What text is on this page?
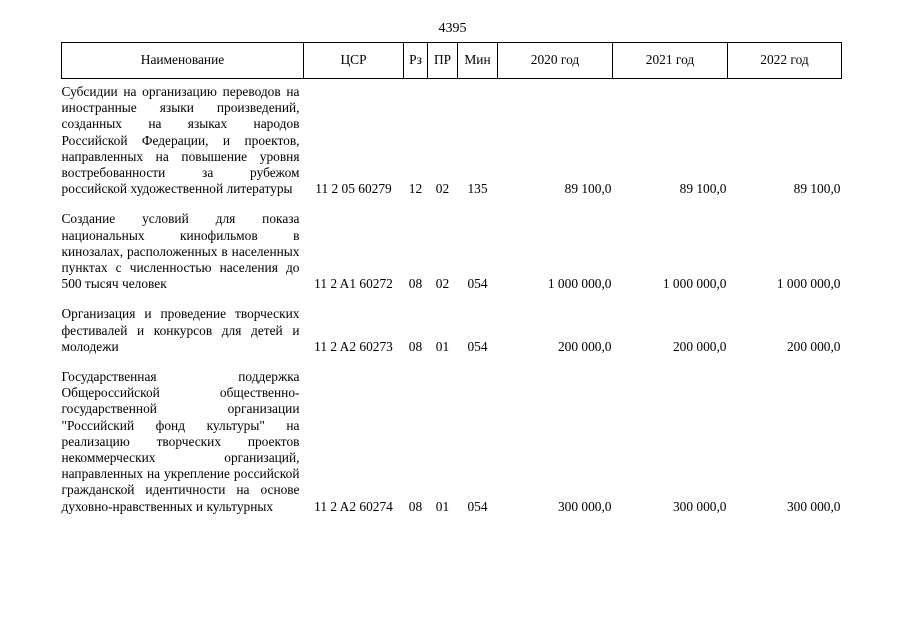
4395
Наименование	ЦСР	Рз	ПР	Мин	2020 год	2021 год	2022 год

Субсидии на организацию переводов на иностранные языки произведений, созданных на языках народов Российской Федерации, и проектов, направленных на повышение уровня востребованности за рубежом российской художественной литературы	11 2 05 60279	12	02	135	89 100,0	89 100,0	89 100,0

Создание условий для показа национальных кинофильмов в кинозалах, расположенных в населенных пунктах с численностью населения до 500 тысяч человек	11 2 A1 60272	08	02	054	1 000 000,0	1 000 000,0	1 000 000,0

Организация и проведение творческих фестивалей и конкурсов для детей и молодежи	11 2 A2 60273	08	01	054	200 000,0	200 000,0	200 000,0

Государственная поддержка Общероссийской общественно-государственной организации "Российский фонд культуры" на реализацию творческих проектов некоммерческих организаций, направленных на укрепление российской гражданской идентичности на основе духовно-нравственных и культурных	11 2 A2 60274	08	01	054	300 000,0	300 000,0	300 000,0
